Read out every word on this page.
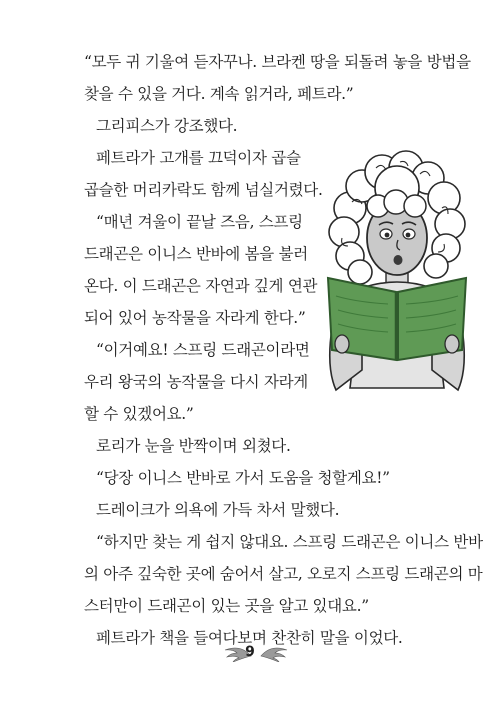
“모두 귀 기울여 듣자꾸나. 브라켄 땅을 되돌려 놓을 방법을
찾을 수 있을 거다. 계속 읽거라, 페트라.”
그리피스가 강조했다.
페트라가 고개를 끄덕이자 곱슬
곱슬한 머리카락도 함께 넘실거렸다.
“매년 겨울이 끝날 즈음, 스프링
드래곤은 이니스 반바에 봄을 불러
온다. 이 드래곤은 자연과 깊게 연관
되어 있어 농작물을 자라게 한다.”
“이거예요! 스프링 드래곤이라면
우리 왕국의 농작물을 다시 자라게
할 수 있겠어요.”
로리가 눈을 반짝이며 외쳤다.
“당장 이니스 반바로 가서 도움을 청할게요!”
드레이크가 의욕에 가득 차서 말했다.
“하지만 찾는 게 쉽지 않대요. 스프링 드래곤은 이니스 반바
의 아주 깊숙한 곳에 숨어서 살고, 오로지 스프링 드래곤의 마
스터만이 드래곤이 있는 곳을 알고 있대요.”
페트라가 책을 들여다보며 찬찬히 말을 이었다.
9
